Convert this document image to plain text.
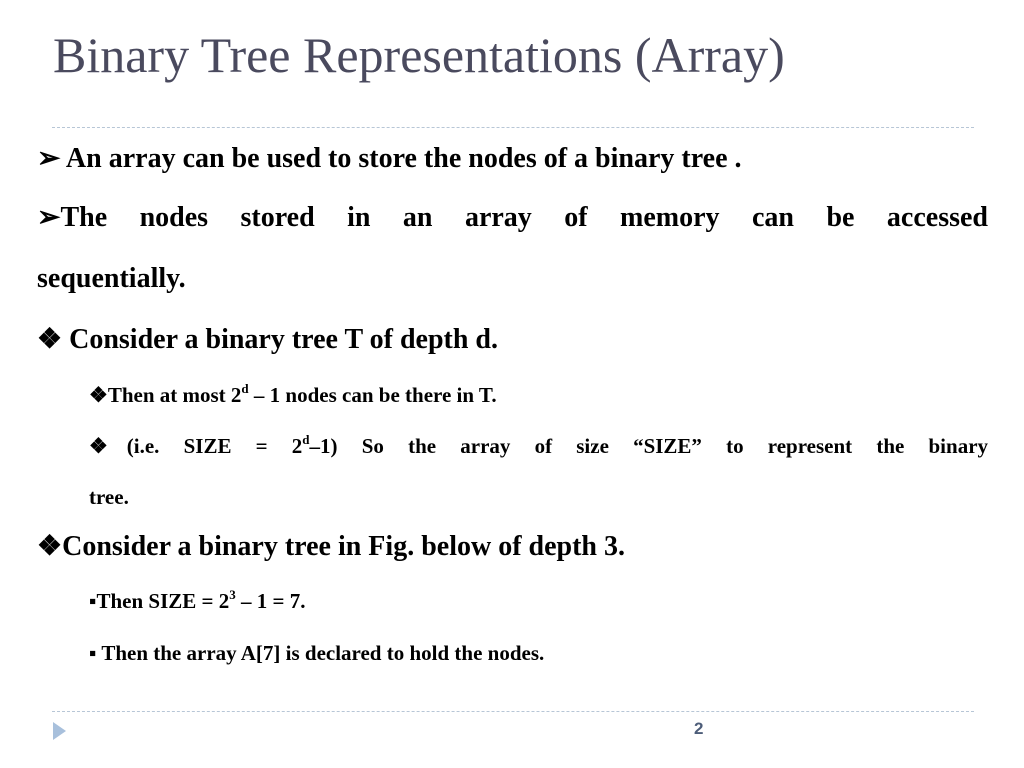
Binary Tree Representations (Array)
➢ An array can be used to store the nodes of a binary tree .
➢The nodes stored in an array of memory can be accessed
sequentially.
❖ Consider a binary tree T of depth d.
❖Then at most 2$^d$ – 1 nodes can be there in T.
❖(i.e. SIZE = $2^d-1$) So the array of size “SIZE” to represent the binary
tree.
❖Consider a binary tree in Fig. below of depth 3.
▪Then SIZE = $2^3 - 1 = 7$.
▪ Then the array A[7] is declared to hold the nodes.
2
